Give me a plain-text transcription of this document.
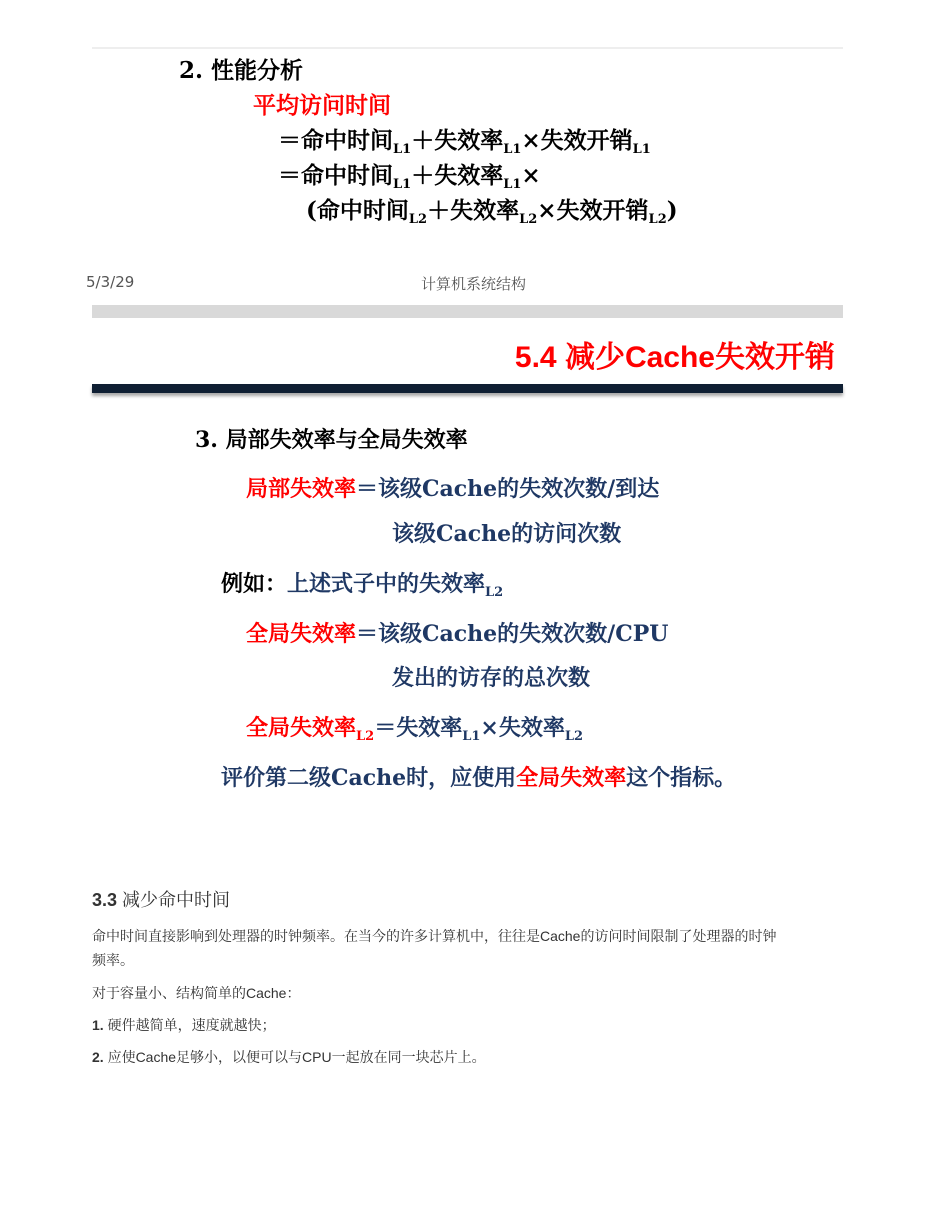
2. 性能分析
平均访问时间
＝命中时间$_{L1}$＋失效率$_{L1}$×失效开销$_{L1}$
＝命中时间$_{L1}$＋失效率$_{L1}$×
(命中时间$_{L2}$＋失效率$_{L2}$×失效开销$_{L2}$)
5/3/29	计算机系统结构
5.4 减少Cache失效开销
3. 局部失效率与全局失效率
局部失效率＝该级Cache的失效次数/到达
该级Cache的访问次数
例如：上述式子中的失效率$_{L2}$
全局失效率＝该级Cache的失效次数/CPU
发出的访存的总次数
全局失效率$_{L2}$＝失效率$_{L1}$×失效率$_{L2}$
评价第二级Cache时，应使用全局失效率这个指标。
3.3 减少命中时间
命中时间直接影响到处理器的时钟频率。在当今的许多计算机中，往往是Cache的访问时间限制了处理器的时钟
频率。
对于容量小、结构简单的Cache：
1. 硬件越简单，速度就越快；
2. 应使Cache足够小，以便可以与CPU一起放在同一块芯片上。
